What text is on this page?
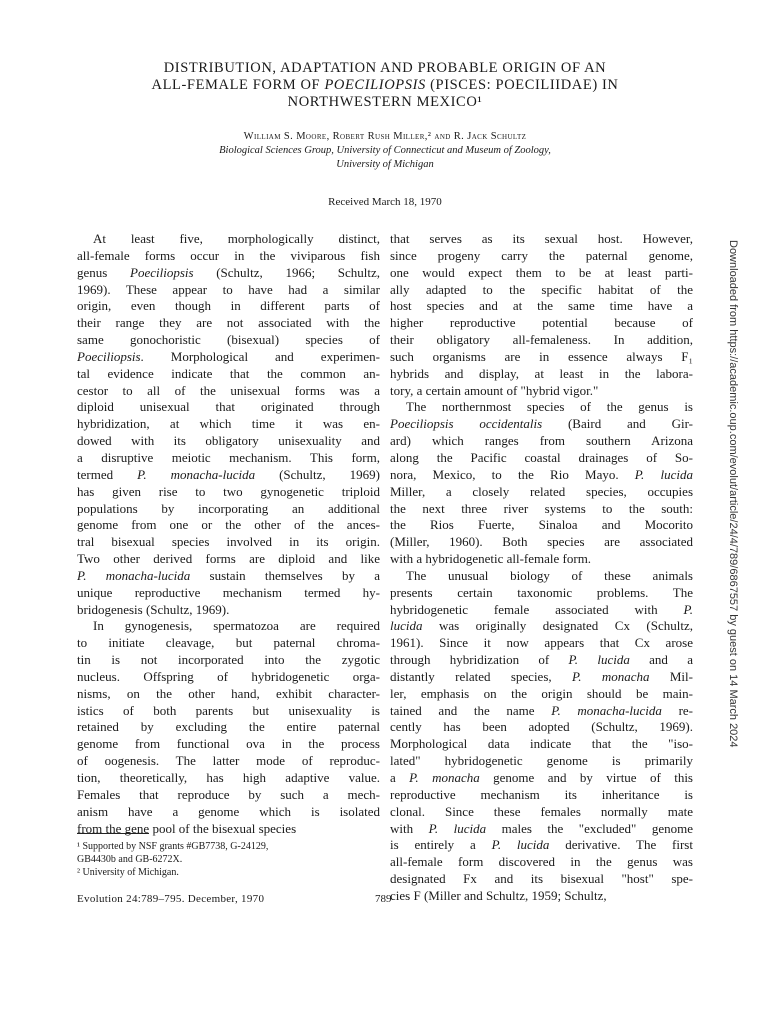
DISTRIBUTION, ADAPTATION AND PROBABLE ORIGIN OF AN
ALL-FEMALE FORM OF POECILIOPSIS (PISCES: POECILIIDAE) IN
NORTHWESTERN MEXICO¹
William S. Moore, Robert Rush Miller,² and R. Jack Schultz
Biological Sciences Group, University of Connecticut and Museum of Zoology,
University of Michigan
Received March 18, 1970
At least five, morphologically distinct,
all-female forms occur in the viviparous fish
genus Poeciliopsis (Schultz, 1966; Schultz,
1969). These appear to have had a similar
origin, even though in different parts of
their range they are not associated with the
same gonochoristic (bisexual) species of
Poeciliopsis. Morphological and experimen-
tal evidence indicate that the common an-
cestor to all of the unisexual forms was a
diploid unisexual that originated through
hybridization, at which time it was en-
dowed with its obligatory unisexuality and
a disruptive meiotic mechanism. This form,
termed P. monacha-lucida (Schultz, 1969)
has given rise to two gynogenetic triploid
populations by incorporating an additional
genome from one or the other of the ances-
tral bisexual species involved in its origin.
Two other derived forms are diploid and like
P. monacha-lucida sustain themselves by a
unique reproductive mechanism termed hy-
bridogenesis (Schultz, 1969).
In gynogenesis, spermatozoa are required
to initiate cleavage, but paternal chroma-
tin is not incorporated into the zygotic
nucleus. Offspring of hybridogenetic orga-
nisms, on the other hand, exhibit character-
istics of both parents but unisexuality is
retained by excluding the entire paternal
genome from functional ova in the process
of oogenesis. The latter mode of reproduc-
tion, theoretically, has high adaptive value.
Females that reproduce by such a mech-
anism have a genome which is isolated
from the gene pool of the bisexual species
that serves as its sexual host. However,
since progeny carry the paternal genome,
one would expect them to be at least parti-
ally adapted to the specific habitat of the
host species and at the same time have a
higher reproductive potential because of
their obligatory all-femaleness. In addition,
such organisms are in essence always F₁
hybrids and display, at least in the labora-
tory, a certain amount of "hybrid vigor."
The northernmost species of the genus is
Poeciliopsis occidentalis (Baird and Gir-
ard) which ranges from southern Arizona
along the Pacific coastal drainages of So-
nora, Mexico, to the Rio Mayo. P. lucida
Miller, a closely related species, occupies
the next three river systems to the south:
the Rios Fuerte, Sinaloa and Mocorito
(Miller, 1960). Both species are associated
with a hybridogenetic all-female form.
The unusual biology of these animals
presents certain taxonomic problems. The
hybridogenetic female associated with P.
lucida was originally designated Cx (Schultz,
1961). Since it now appears that Cx arose
through hybridization of P. lucida and a
distantly related species, P. monacha Mil-
ler, emphasis on the origin should be main-
tained and the name P. monacha-lucida re-
cently has been adopted (Schultz, 1969).
Morphological data indicate that the "iso-
lated" hybridogenetic genome is primarily
a P. monacha genome and by virtue of this
reproductive mechanism its inheritance is
clonal. Since these females normally mate
with P. lucida males the "excluded" genome
is entirely a P. lucida derivative. The first
all-female form discovered in the genus was
designated Fx and its bisexual "host" spe-
cies F (Miller and Schultz, 1959; Schultz,
¹ Supported by NSF grants #GB7738, G-24129,
GB4430b and GB-6272X.
² University of Michigan.
Evolution 24:789–795. December, 1970	789
Downloaded from https://academic.oup.com/evolut/article/24/4/789/6867557 by guest on 14 March 2024
